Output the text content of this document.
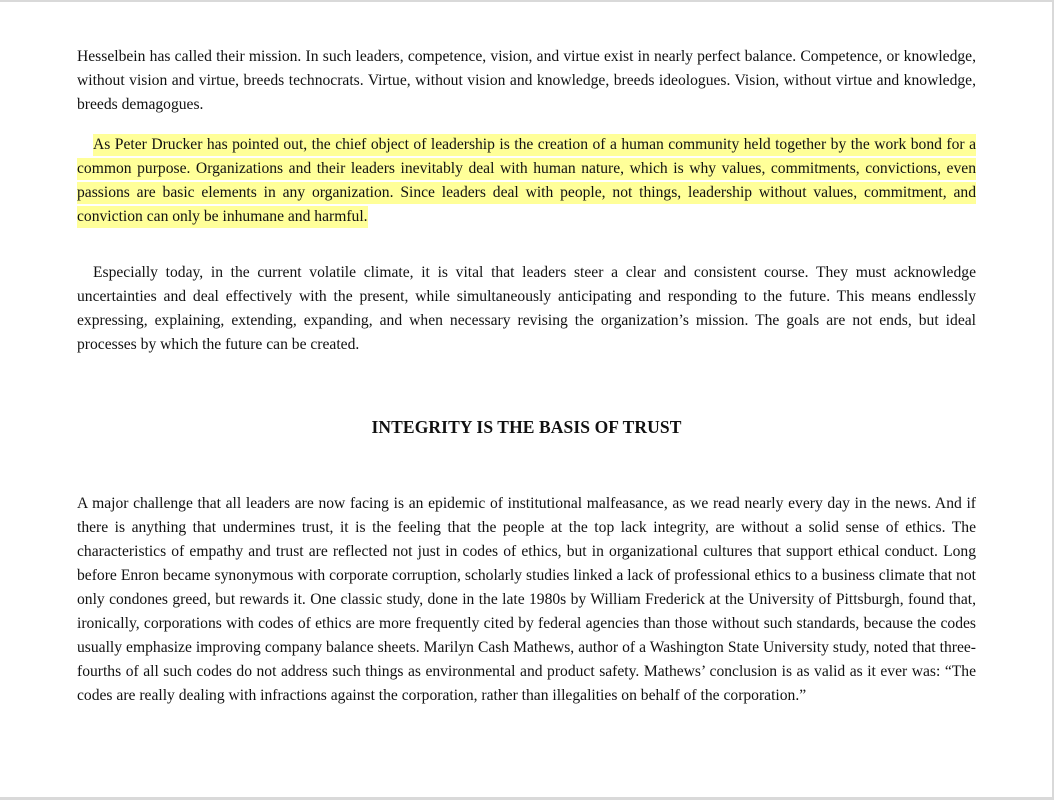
Hesselbein has called their mission. In such leaders, competence, vision, and virtue exist in nearly perfect balance. Competence, or knowledge, without vision and virtue, breeds technocrats. Virtue, without vision and knowledge, breeds ideologues. Vision, without virtue and knowledge, breeds demagogues.

As Peter Drucker has pointed out, the chief object of leadership is the creation of a human community held together by the work bond for a common purpose. Organizations and their leaders inevitably deal with human nature, which is why values, commitments, convictions, even passions are basic elements in any organization. Since leaders deal with people, not things, leadership without values, commitment, and conviction can only be inhumane and harmful.

Especially today, in the current volatile climate, it is vital that leaders steer a clear and consistent course. They must acknowledge uncertainties and deal effectively with the present, while simultaneously anticipating and responding to the future. This means endlessly expressing, explaining, extending, expanding, and when necessary revising the organization’s mission. The goals are not ends, but ideal processes by which the future can be created.

INTEGRITY IS THE BASIS OF TRUST

A major challenge that all leaders are now facing is an epidemic of institutional malfeasance, as we read nearly every day in the news. And if there is anything that undermines trust, it is the feeling that the people at the top lack integrity, are without a solid sense of ethics. The characteristics of empathy and trust are reflected not just in codes of ethics, but in organizational cultures that support ethical conduct. Long before Enron became synonymous with corporate corruption, scholarly studies linked a lack of professional ethics to a business climate that not only condones greed, but rewards it. One classic study, done in the late 1980s by William Frederick at the University of Pittsburgh, found that, ironically, corporations with codes of ethics are more frequently cited by federal agencies than those without such standards, because the codes usually emphasize improving company balance sheets. Marilyn Cash Mathews, author of a Washington State University study, noted that three-fourths of all such codes do not address such things as environmental and product safety. Mathews’ conclusion is as valid as it ever was: “The codes are really dealing with infractions against the corporation, rather than illegalities on behalf of the corporation.”
